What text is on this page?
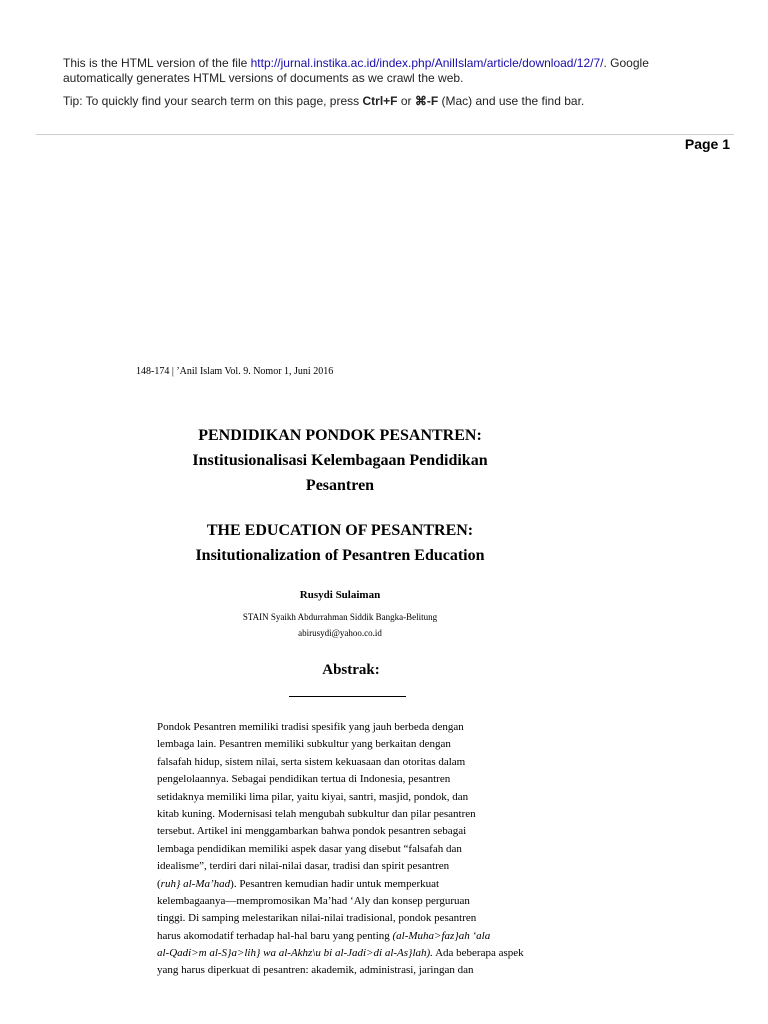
This is the HTML version of the file http://jurnal.instika.ac.id/index.php/AnilIslam/article/download/12/7/. Google automatically generates HTML versions of documents as we crawl the web.

Tip: To quickly find your search term on this page, press Ctrl+F or ⌘-F (Mac) and use the find bar.

Page 1
148-174 | ’Anil Islam Vol. 9. Nomor 1, Juni 2016
PENDIDIKAN PONDOK PESANTREN:
Institusionalisasi Kelembagaan Pendidikan
Pesantren
THE EDUCATION OF PESANTREN:
Insitutionalization of Pesantren Education
Rusydi Sulaiman
STAIN Syaikh Abdurrahman Siddik Bangka-Belitung
abirusydi@yahoo.co.id
Abstrak:
Pondok Pesantren memiliki tradisi spesifik yang jauh berbeda dengan
lembaga lain. Pesantren memiliki subkultur yang berkaitan dengan
falsafah hidup, sistem nilai, serta sistem kekuasaan dan otoritas dalam
pengelolaannya. Sebagai pendidikan tertua di Indonesia, pesantren
setidaknya memiliki lima pilar, yaitu kiyai, santri, masjid, pondok, dan
kitab kuning. Modernisasi telah mengubah subkultur dan pilar pesantren
tersebut. Artikel ini menggambarkan bahwa pondok pesantren sebagai
lembaga pendidikan memiliki aspek dasar yang disebut “falsafah dan
idealisme”, terdiri dari nilai-nilai dasar, tradisi dan spirit pesantren
(ruh} al-Ma’had). Pesantren kemudian hadir untuk memperkuat
kelembagaanya—mempromosikan Ma’had ‘Aly dan konsep perguruan
tinggi. Di samping melestarikan nilai-nilai tradisional, pondok pesantren
harus akomodatif terhadap hal-hal baru yang penting (al-Muha>faz}ah ‘ala
al-Qadi>m al-S}a>lih} wa al-Akhz\u bi al-Jadi>di al-As}lah). Ada beberapa aspek
yang harus diperkuat di pesantren: akademik, administrasi, jaringan dan
